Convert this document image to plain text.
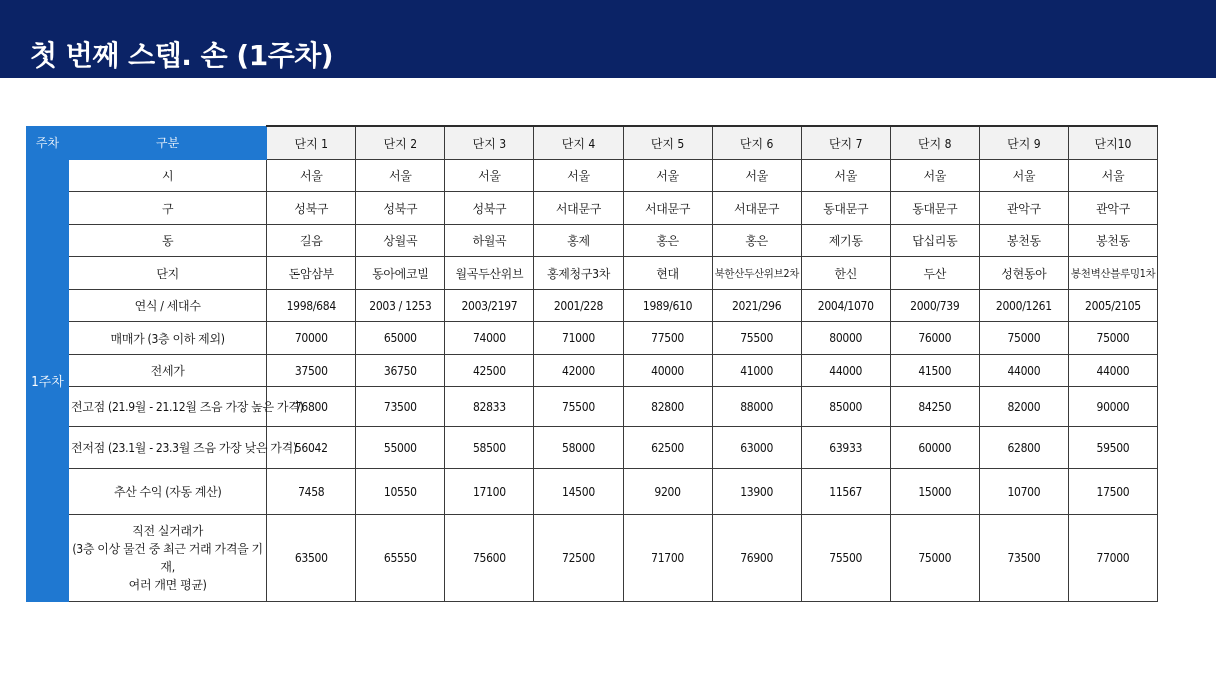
첫 번째 스텝. 손 (1주차)
주차	구분	단지 1	단지 2	단지 3	단지 4	단지 5	단지 6	단지 7	단지 8	단지 9	단지10
1주차	시	서울	서울	서울	서울	서울	서울	서울	서울	서울	서울
	구	성북구	성북구	성북구	서대문구	서대문구	서대문구	동대문구	동대문구	관악구	관악구
	동	길음	상월곡	하월곡	홍제	홍은	홍은	제기동	답십리동	봉천동	봉천동
	단지	돈암삼부	동아에코빌	월곡두산위브	홍제청구3차	현대	북한산두산위브2차	한신	두산	성현동아	봉천벽산블루밍1차
	연식 / 세대수	1998/684	2003 / 1253	2003/2197	2001/228	1989/610	2021/296	2004/1070	2000/739	2000/1261	2005/2105
	매매가 (3층 이하 제외)	70000	65000	74000	71000	77500	75500	80000	76000	75000	75000
	전세가	37500	36750	42500	42000	40000	41000	44000	41500	44000	44000
	전고점 (21.9월 - 21.12월 즈음 가장 높은 가격)	76800	73500	82833	75500	82800	88000	85000	84250	82000	90000
	전저점 (23.1월 - 23.3월 즈음 가장 낮은 가격)	56042	55000	58500	58000	62500	63000	63933	60000	62800	59500
	추산 수익 (자동 계산)	7458	10550	17100	14500	9200	13900	11567	15000	10700	17500
	직전 실거래가
(3층 이상 물건 중 최근 거래 가격을 기재,
여러 개면 평균)	63500	65550	75600	72500	71700	76900	75500	75000	73500	77000
